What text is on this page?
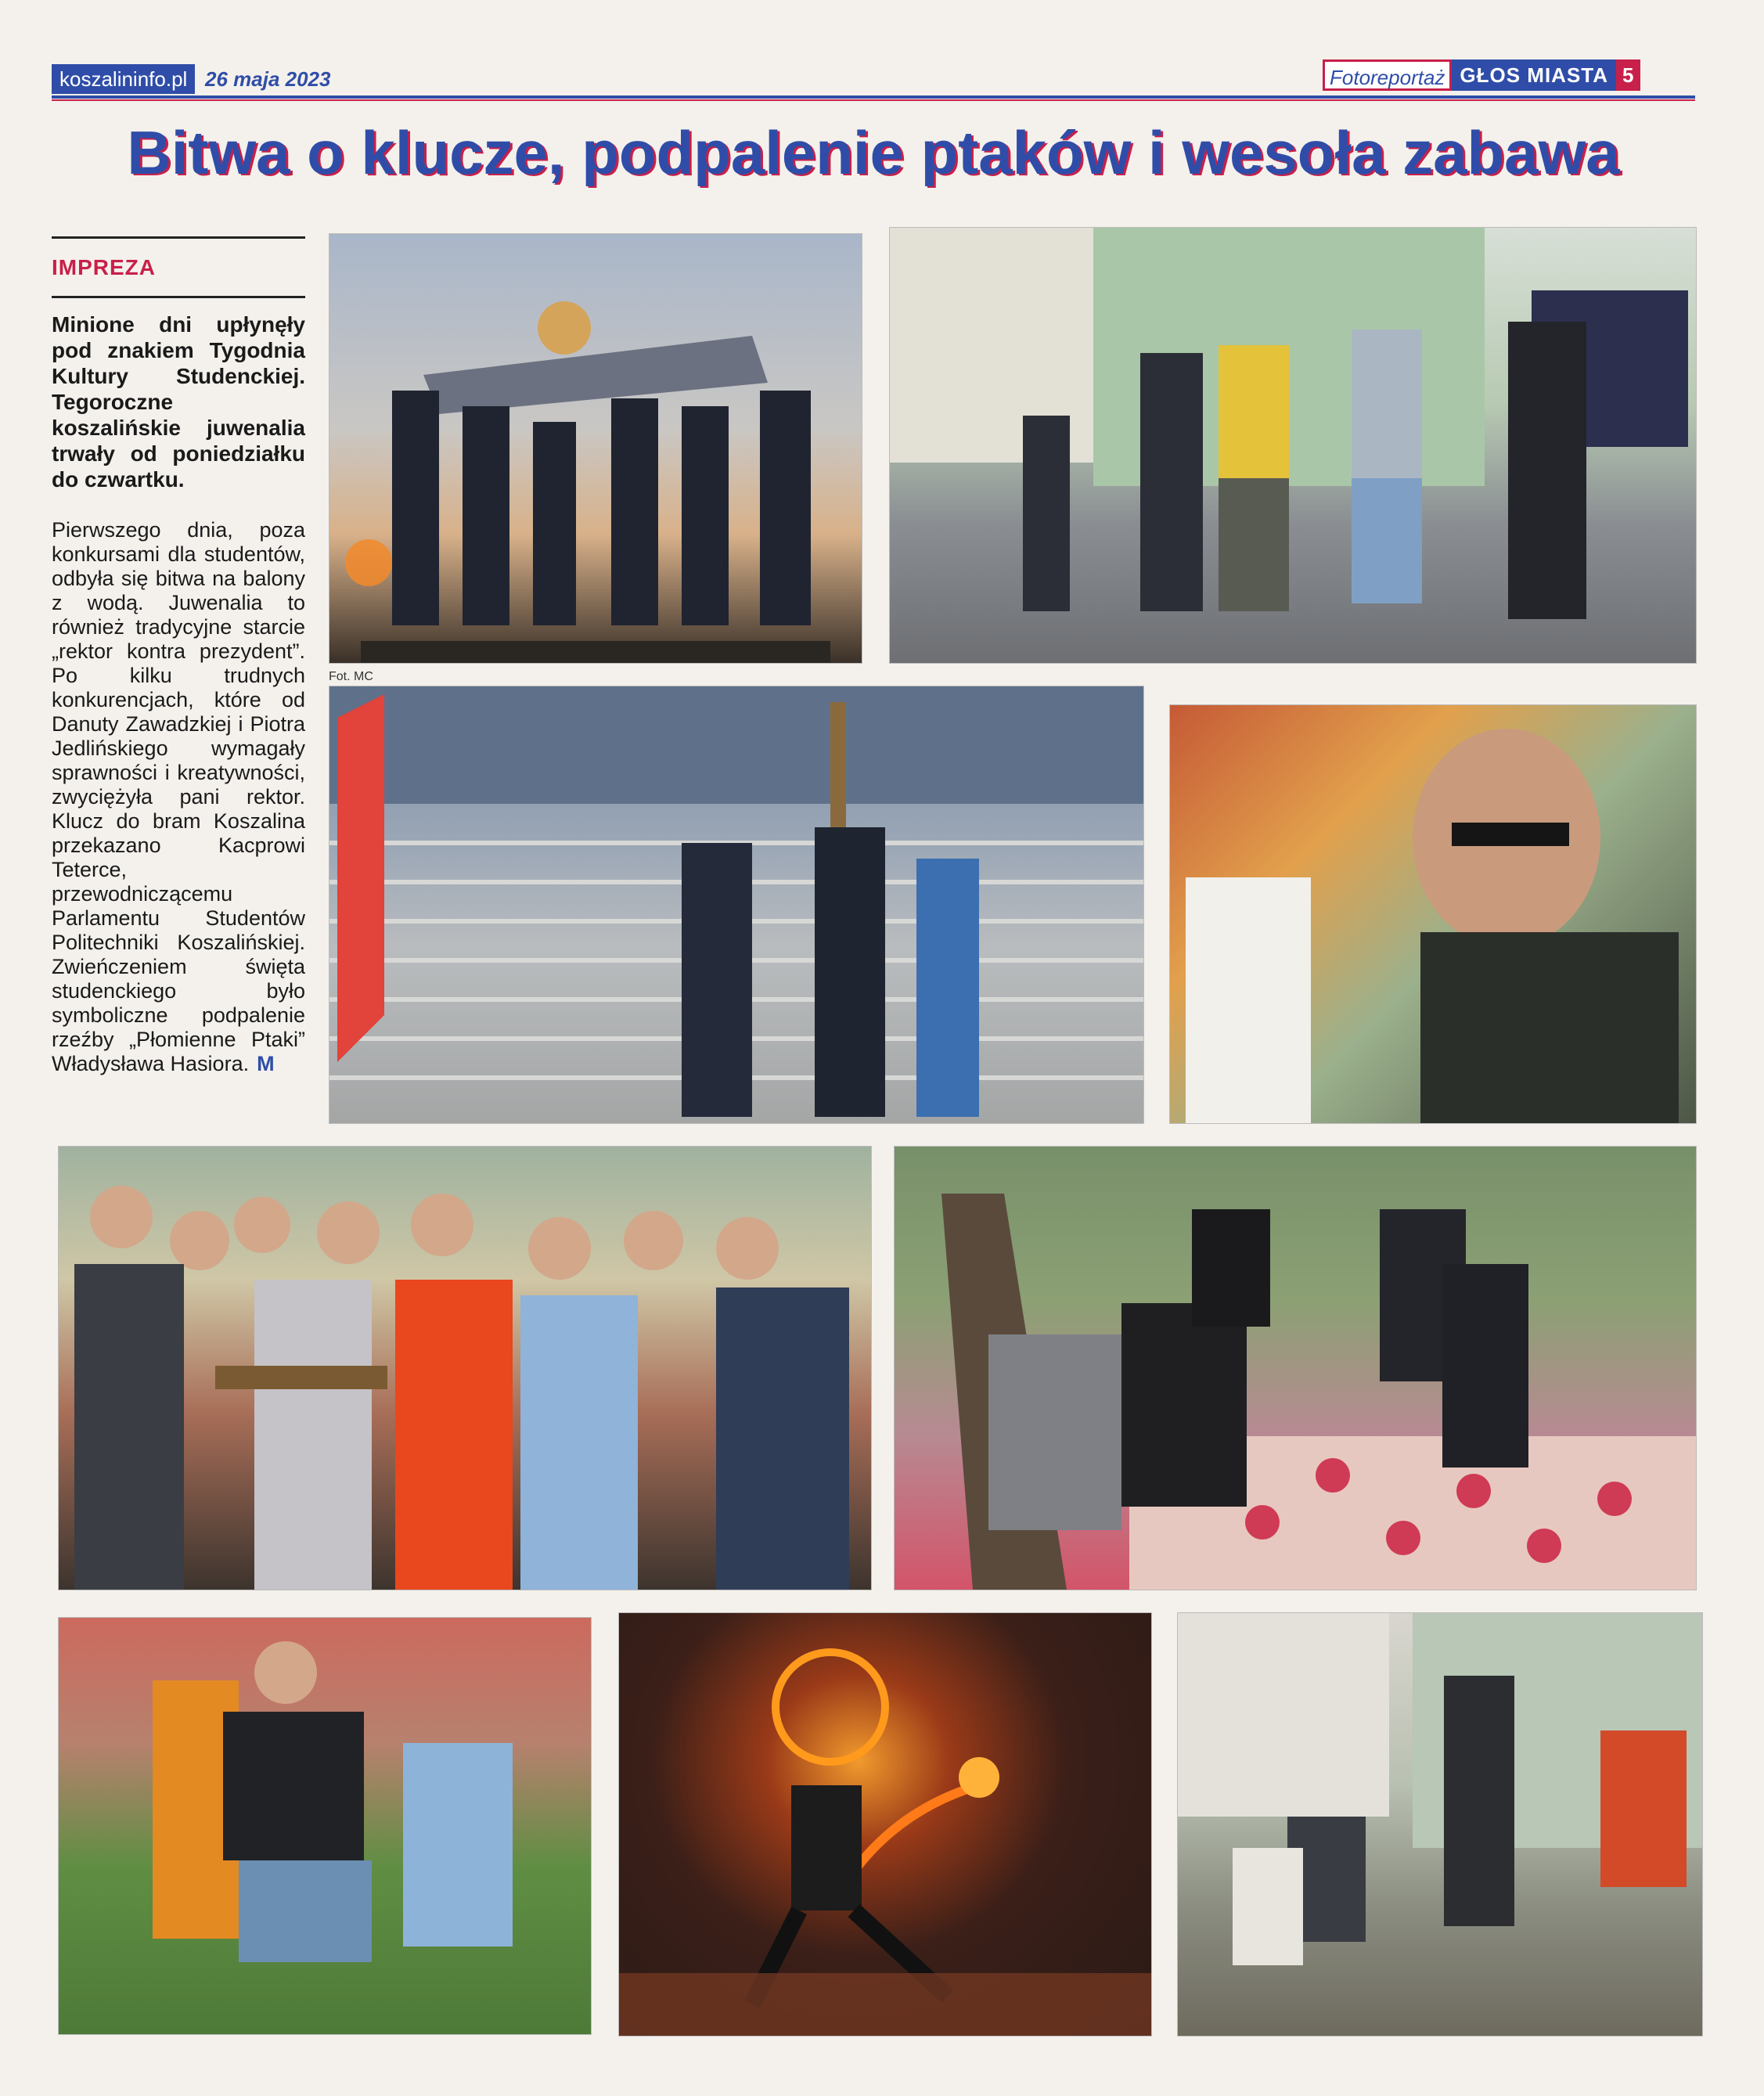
koszalininfo.pl 26 maja 2023	Fotoreportaż GŁOS MIASTA 5
Bitwa o klucze, podpalenie ptaków i wesoła zabawa
IMPREZA
Minione dni upłynęły pod znakiem Tygodnia Kultury Studenckiej. Tegoroczne koszalińskie juwenalia trwały od poniedziałku do czwartku.
Pierwszego dnia, poza konkursami dla studentów, odbyła się bitwa na balony z wodą. Juwenalia to również tradycyjne starcie „rektor kontra prezydent”. Po kilku trudnych konkurencjach, które od Danuty Zawadzkiej i Piotra Jedlińskiego wymagały sprawności i kreatywności, zwyciężyła pani rektor. Klucz do bram Koszalina przekazano Kacprowi Teterce, przewodniczącemu Parlamentu Studentów Politechniki Koszalińskiej. Zwieńczeniem święta studenckiego było symboliczne podpalenie rzeźby „Płomienne Ptaki” Władysława Hasiora. M
Fot. MC
